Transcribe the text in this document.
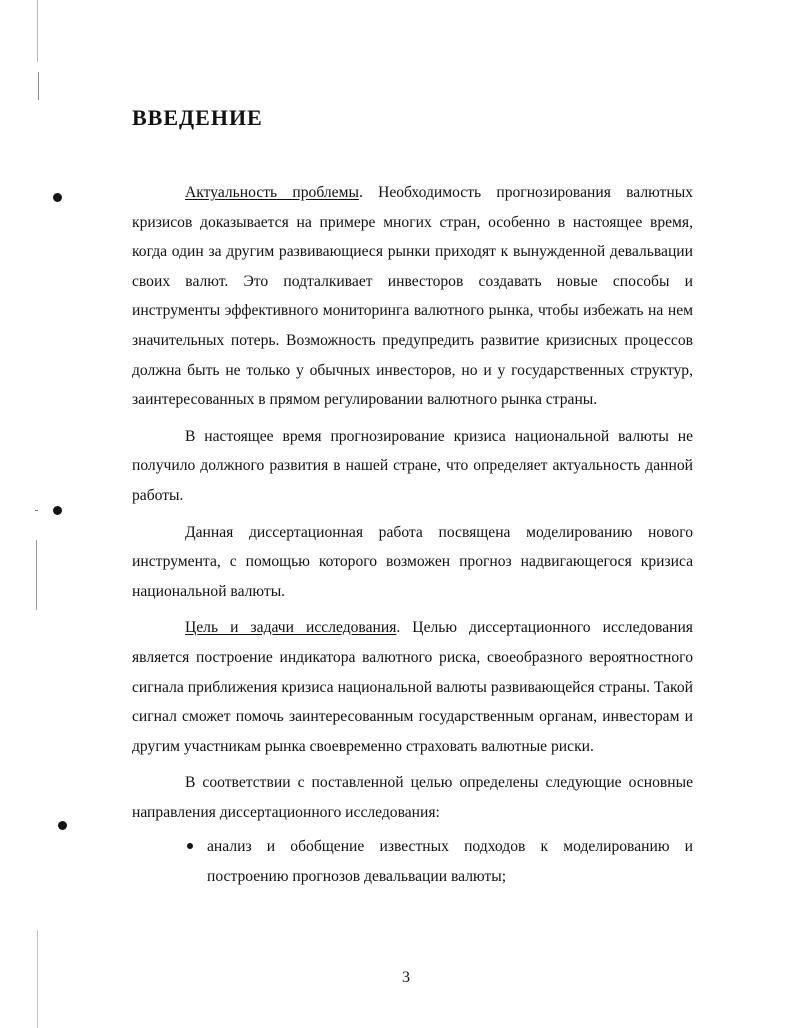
ВВЕДЕНИЕ

Актуальность проблемы. Необходимость прогнозирования валютных кризисов доказывается на примере многих стран, особенно в настоящее время, когда один за другим развивающиеся рынки приходят к вынужденной девальвации своих валют. Это подталкивает инвесторов создавать новые способы и инструменты эффективного мониторинга валютного рынка, чтобы избежать на нем значительных потерь. Возможность предупредить развитие кризисных процессов должна быть не только у обычных инвесторов, но и у государственных структур, заинтересованных в прямом регулировании валютного рынка страны.

В настоящее время прогнозирование кризиса национальной валюты не получило должного развития в нашей стране, что определяет актуальность данной работы.

Данная диссертационная работа посвящена моделированию нового инструмента, с помощью которого возможен прогноз надвигающегося кризиса национальной валюты.

Цель и задачи исследования. Целью диссертационного исследования является построение индикатора валютного риска, своеобразного вероятностного сигнала приближения кризиса национальной валюты развивающейся страны. Такой сигнал сможет помочь заинтересованным государственным органам, инвесторам и другим участникам рынка своевременно страховать валютные риски.

В соответствии с поставленной целью определены следующие основные направления диссертационного исследования:

анализ и обобщение известных подходов к моделированию и построению прогнозов девальвации валюты;
3
